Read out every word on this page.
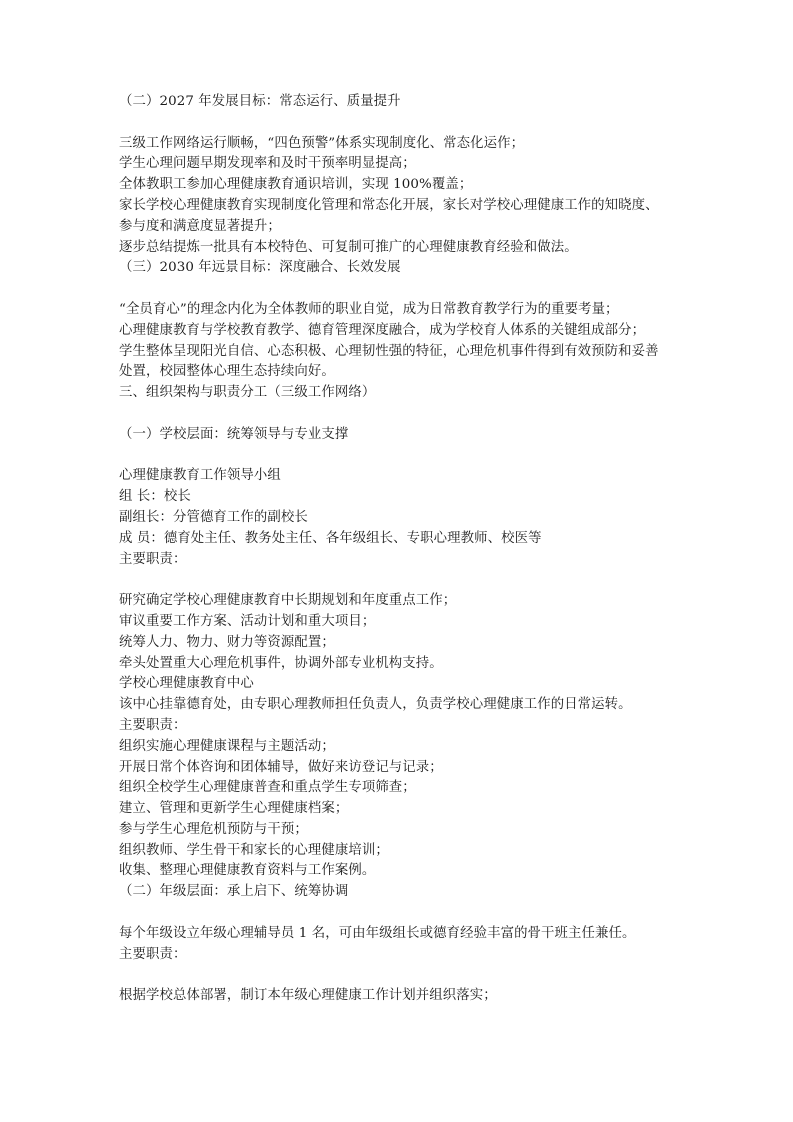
（二）2027 年发展目标：常态运行、质量提升
三级工作网络运行顺畅，“四色预警”体系实现制度化、常态化运作；
学生心理问题早期发现率和及时干预率明显提高；
全体教职工参加心理健康教育通识培训，实现 100%覆盖；
家长学校心理健康教育实现制度化管理和常态化开展，家长对学校心理健康工作的知晓度、
参与度和满意度显著提升；
逐步总结提炼一批具有本校特色、可复制可推广的心理健康教育经验和做法。
（三）2030 年远景目标：深度融合、长效发展
“全员育心”的理念内化为全体教师的职业自觉，成为日常教育教学行为的重要考量；
心理健康教育与学校教育教学、德育管理深度融合，成为学校育人体系的关键组成部分；
学生整体呈现阳光自信、心态积极、心理韧性强的特征，心理危机事件得到有效预防和妥善
处置，校园整体心理生态持续向好。
三、组织架构与职责分工（三级工作网络）
（一）学校层面：统筹领导与专业支撑
心理健康教育工作领导小组
组 长：校长
副组长：分管德育工作的副校长
成 员：德育处主任、教务处主任、各年级组长、专职心理教师、校医等
主要职责：
研究确定学校心理健康教育中长期规划和年度重点工作；
审议重要工作方案、活动计划和重大项目；
统筹人力、物力、财力等资源配置；
牵头处置重大心理危机事件，协调外部专业机构支持。
学校心理健康教育中心
该中心挂靠德育处，由专职心理教师担任负责人，负责学校心理健康工作的日常运转。
主要职责：
组织实施心理健康课程与主题活动；
开展日常个体咨询和团体辅导，做好来访登记与记录；
组织全校学生心理健康普查和重点学生专项筛查；
建立、管理和更新学生心理健康档案；
参与学生心理危机预防与干预；
组织教师、学生骨干和家长的心理健康培训；
收集、整理心理健康教育资料与工作案例。
（二）年级层面：承上启下、统筹协调
每个年级设立年级心理辅导员 1 名，可由年级组长或德育经验丰富的骨干班主任兼任。
主要职责：
根据学校总体部署，制订本年级心理健康工作计划并组织落实；
